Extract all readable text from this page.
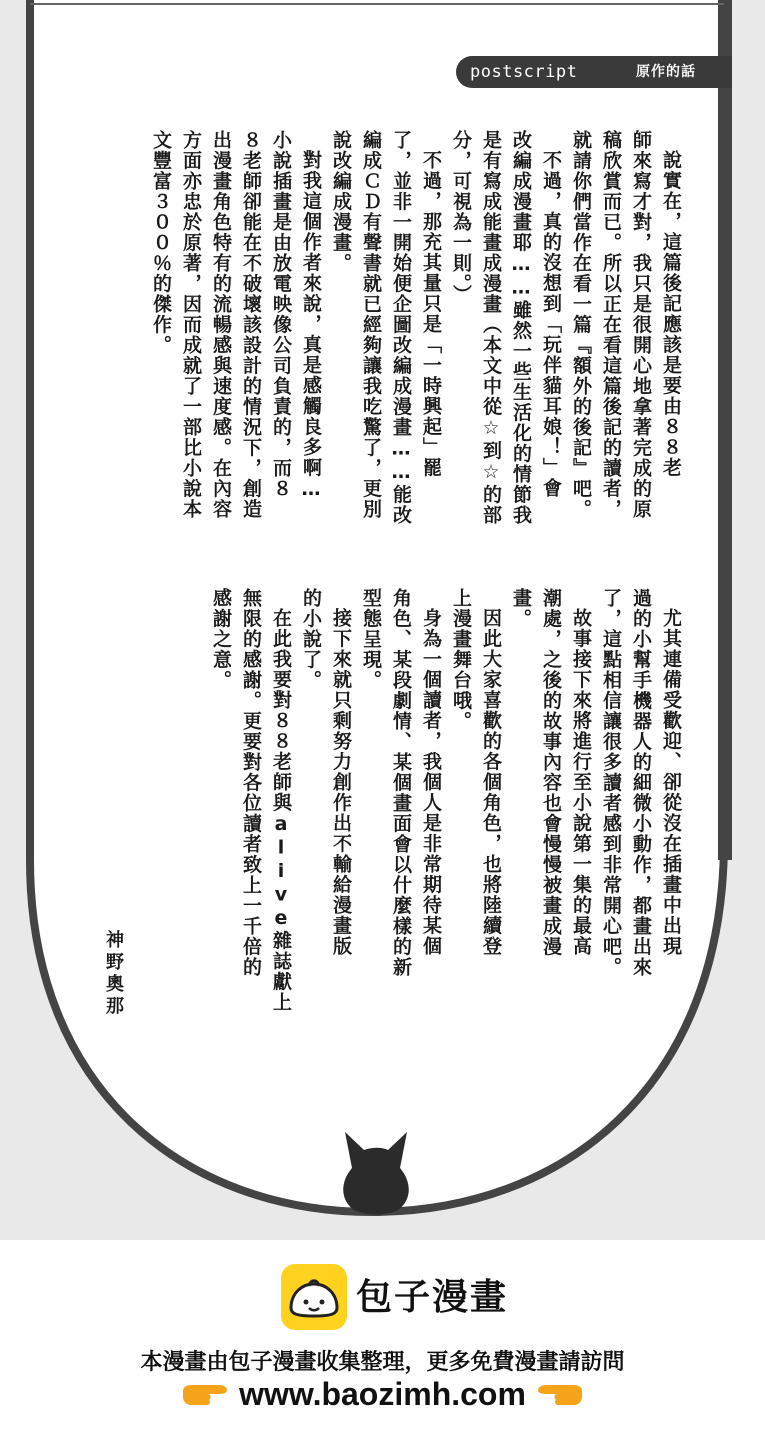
postscript	原作的話
說實在，這篇後記應該是要由８８老
師來寫才對，我只是很開心地拿著完成的原
稿欣賞而已。所以正在看這篇後記的讀者，
就請你們當作在看一篇『額外的後記』吧。
不過，真的沒想到「玩伴貓耳娘！」會
改編成漫畫耶……雖然一些生活化的情節我
是有寫成能畫成漫畫（本文中從☆到☆的部
分，可視為一則。）
不過，那充其量只是「一時興起」罷
了，並非一開始便企圖改編成漫畫……能改
編成ＣＤ有聲書就已經夠讓我吃驚了，更別
說改編成漫畫。
對我這個作者來說，真是感觸良多啊…
小說插畫是由放電映像公司負責的，而８
８老師卻能在不破壞該設計的情況下，創造
出漫畫角色特有的流暢感與速度感。在內容
方面亦忠於原著，因而成就了一部比小說本
文豐富３００％的傑作。
尤其連備受歡迎、卻從沒在插畫中出現
過的小幫手機器人的細微小動作，都畫出來
了，這點相信讓很多讀者感到非常開心吧。
故事接下來將進行至小說第一集的最高
潮處，之後的故事內容也會慢慢被畫成漫
畫。
因此大家喜歡的各個角色，也將陸續登
上漫畫舞台哦。
身為一個讀者，我個人是非常期待某個
角色、某段劇情、某個畫面會以什麼樣的新
型態呈現。
接下來就只剩努力創作出不輸給漫畫版
的小說了。
在此我要對８８老師與alive雜誌獻上
無限的感謝。更要對各位讀者致上一千倍的
感謝之意。
神野奧那
包子漫畫
本漫畫由包子漫畫收集整理，更多免費漫畫請訪問
www.baozimh.com
